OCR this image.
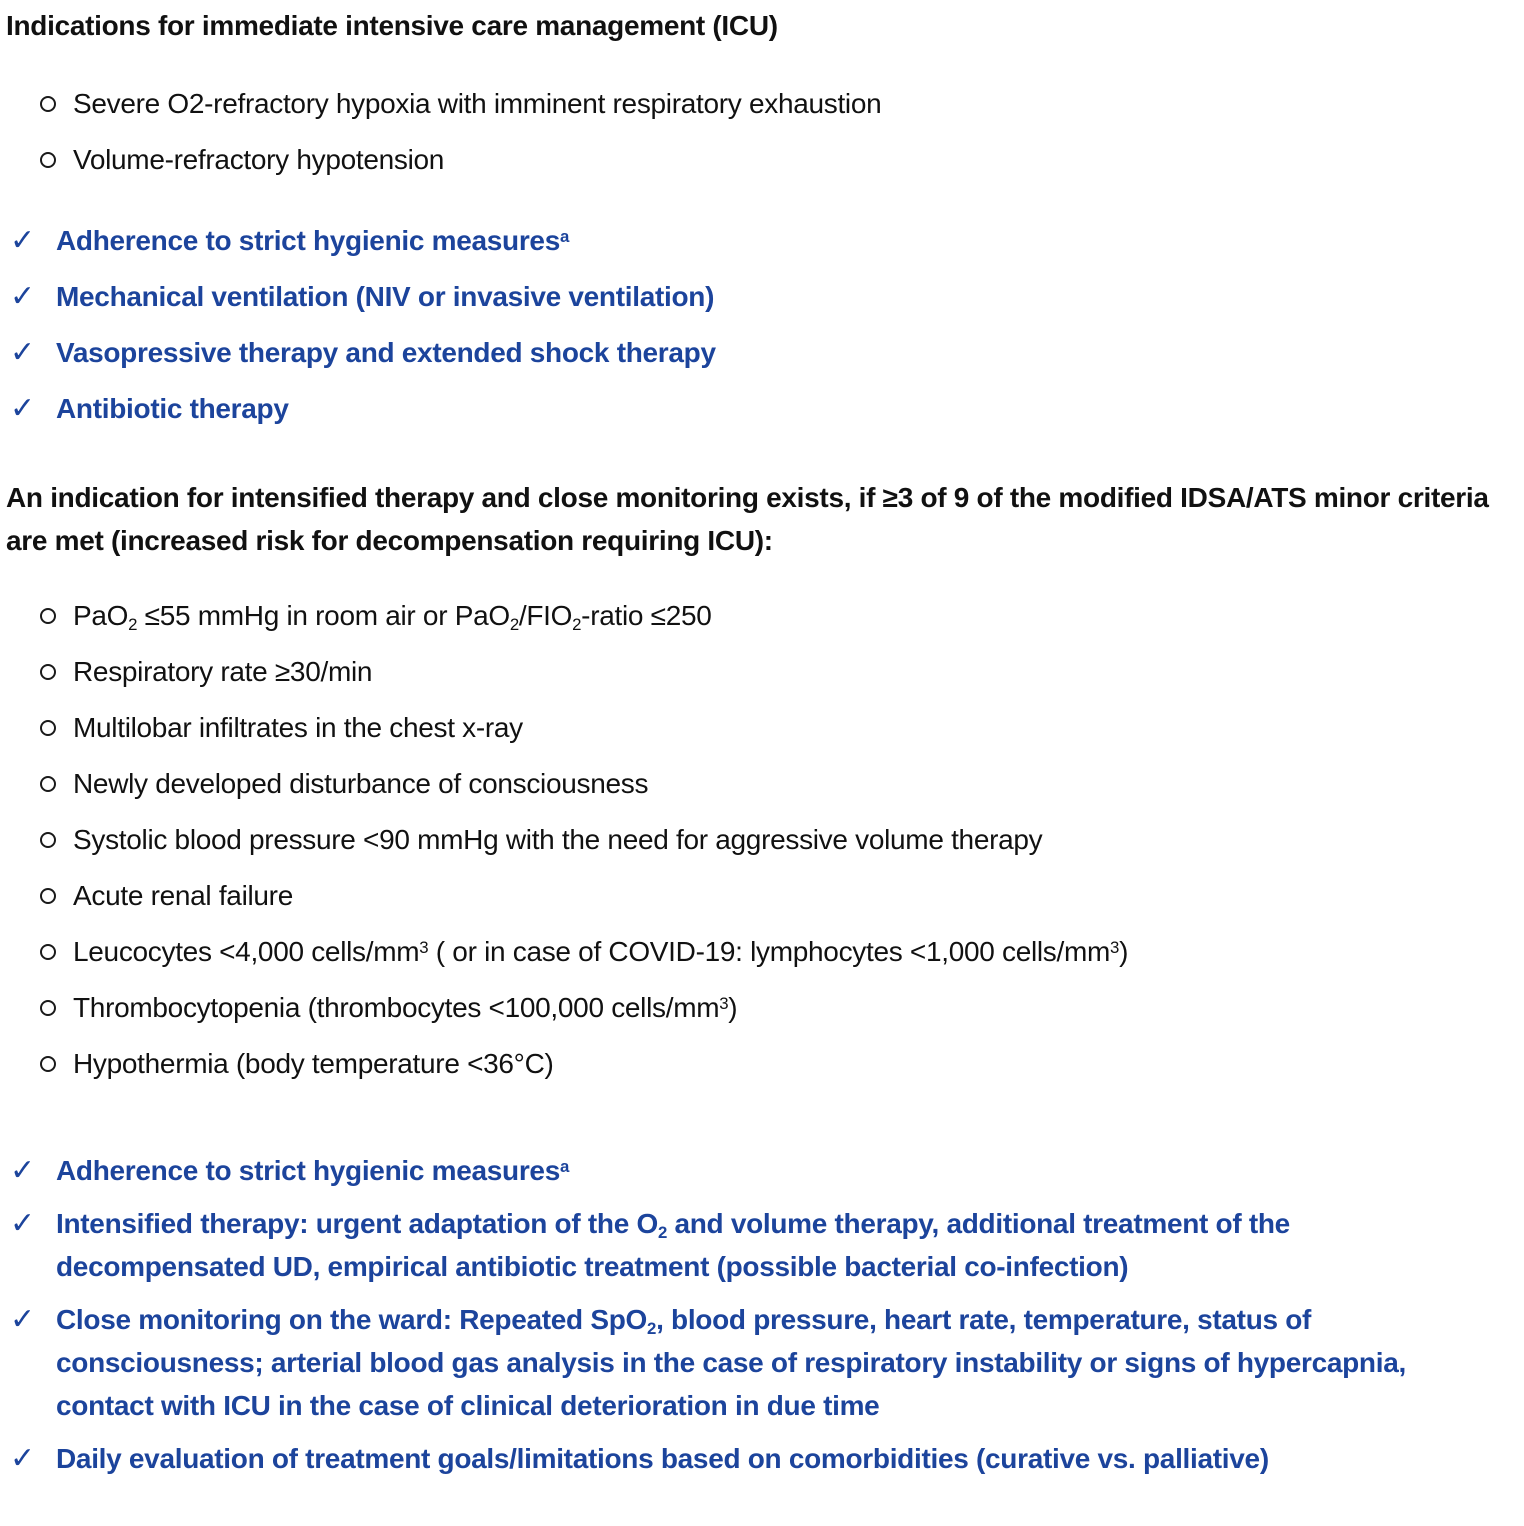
Indications for immediate intensive care management (ICU)
Severe O2-refractory hypoxia with imminent respiratory exhaustion
Volume-refractory hypotension
✓ Adherence to strict hygienic measures$^a$
✓ Mechanical ventilation (NIV or invasive ventilation)
✓ Vasopressive therapy and extended shock therapy
✓ Antibiotic therapy

An indication for intensified therapy and close monitoring exists, if ≥3 of 9 of the modified IDSA/ATS minor criteria are met (increased risk for decompensation requiring ICU):

PaO$_2$ ≤55 mmHg in room air or $PaO_2/FIO_2$-ratio ≤250
Respiratory rate ≥30/min
Multilobar infiltrates in the chest x-ray
Newly developed disturbance of consciousness
Systolic blood pressure <90 mmHg with the need for aggressive volume therapy
Acute renal failure
Leucocytes <4,000 cells/$mm^3$ ( or in case of COVID-19: lymphocytes <1,000 cells/$mm^3$)
Thrombocytopenia (thrombocytes <100,000 cells/$mm^3$)
Hypothermia (body temperature <36°C)
✓ Adherence to strict hygienic measures$^a$
✓ Intensified therapy: urgent adaptation of the $O_2$ and volume therapy, additional treatment of the decompensated UD, empirical antibiotic treatment (possible bacterial co-infection)
✓ Close monitoring on the ward: Repeated SpO$_2$, blood pressure, heart rate, temperature, status of consciousness; arterial blood gas analysis in the case of respiratory instability or signs of hypercapnia, contact with ICU in the case of clinical deterioration in due time
✓ Daily evaluation of treatment goals/limitations based on comorbidities (curative vs. palliative)
